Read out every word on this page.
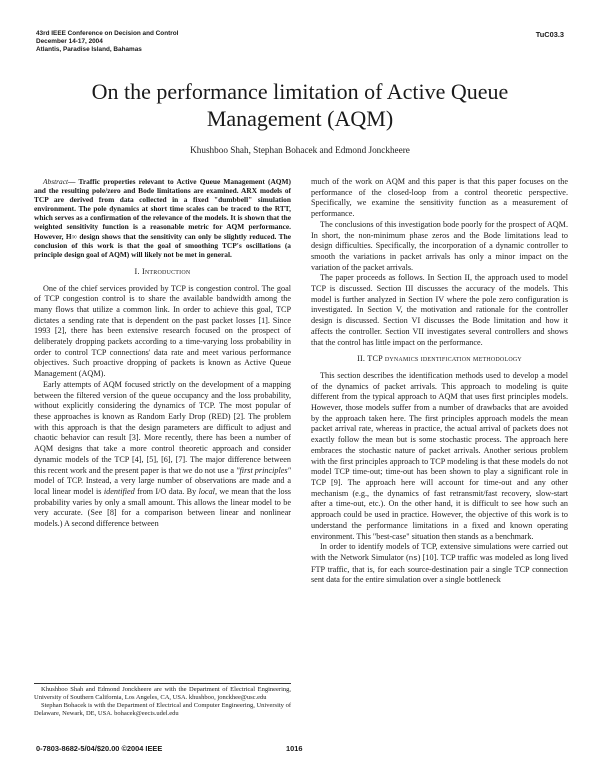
43rd IEEE Conference on Decision and Control
December 14-17, 2004
Atlantis, Paradise Island, Bahamas
TuC03.3
On the performance limitation of Active Queue
Management (AQM)
Khushboo Shah, Stephan Bohacek and Edmond Jonckheere

Abstract— Traffic properties relevant to Active Queue Management (AQM) and the resulting pole/zero and Bode limitations are examined. ARX models of TCP are derived from data collected in a fixed "dumbbell" simulation environment. The pole dynamics at short time scales can be traced to the RTT, which serves as a confirmation of the relevance of the models. It is shown that the weighted sensitivity function is a reasonable metric for AQM performance. However, H∞ design shows that the sensitivity can only be slightly reduced. The conclusion of this work is that the goal of smoothing TCP's oscillations (a principle design goal of AQM) will likely not be met in general.

I. Introduction

One of the chief services provided by TCP is congestion control. The goal of TCP congestion control is to share the available bandwidth among the many flows that utilize a common link. In order to achieve this goal, TCP dictates a sending rate that is dependent on the past packet losses [1]. Since 1993 [2], there has been extensive research focused on the prospect of deliberately dropping packets according to a time-varying loss probability in order to control TCP connections' data rate and meet various performance objectives. Such proactive dropping of packets is known as Active Queue Management (AQM).

Early attempts of AQM focused strictly on the development of a mapping between the filtered version of the queue occupancy and the loss probability, without explicitly considering the dynamics of TCP. The most popular of these approaches is known as Random Early Drop (RED) [2]. The problem with this approach is that the design parameters are difficult to adjust and chaotic behavior can result [3]. More recently, there has been a number of AQM designs that take a more control theoretic approach and consider dynamic models of the TCP [4], [5], [6], [7]. The major difference between this recent work and the present paper is that we do not use a "first principles" model of TCP. Instead, a very large number of observations are made and a local linear model is identified from I/O data. By local, we mean that the loss probability varies by only a small amount. This allows the linear model to be very accurate. (See [8] for a comparison between linear and nonlinear models.) A second difference between

Khushboo Shah and Edmond Jonckheere are with the Department of Electrical Engineering, University of Southern California, Los Angeles, CA, USA. khushboo, jonckhee@usc.edu

Stephan Bohacek is with the Department of Electrical and Computer Engineering, University of Delaware, Newark, DE, USA. bohacek@eecis.udel.edu

much of the work on AQM and this paper is that this paper focuses on the performance of the closed-loop from a control theoretic perspective. Specifically, we examine the sensitivity function as a measurement of performance.

The conclusions of this investigation bode poorly for the prospect of AQM. In short, the non-minimum phase zeros and the Bode limitations lead to design difficulties. Specifically, the incorporation of a dynamic controller to smooth the variations in packet arrivals has only a minor impact on the variation of the packet arrivals.

The paper proceeds as follows. In Section II, the approach used to model TCP is discussed. Section III discusses the accuracy of the models. This model is further analyzed in Section IV where the pole zero configuration is investigated. In Section V, the motivation and rationale for the controller design is discussed. Section VI discusses the Bode limitation and how it affects the controller. Section VII investigates several controllers and shows that the control has little impact on the performance.

II. TCP dynamics identification methodology

This section describes the identification methods used to develop a model of the dynamics of packet arrivals. This approach to modeling is quite different from the typical approach to AQM that uses first principles models. However, those models suffer from a number of drawbacks that are avoided by the approach taken here. The first principles approach models the mean packet arrival rate, whereas in practice, the actual arrival of packets does not exactly follow the mean but is some stochastic process. The approach here embraces the stochastic nature of packet arrivals. Another serious problem with the first principles approach to TCP modeling is that these models do not model TCP time-out; time-out has been shown to play a significant role in TCP [9]. The approach here will account for time-out and any other mechanism (e.g., the dynamics of fast retransmit/fast recovery, slow-start after a time-out, etc.). On the other hand, it is difficult to see how such an approach could be used in practice. However, the objective of this work is to understand the performance limitations in a fixed and known operating environment. This "best-case" situation then stands as a benchmark.

In order to identify models of TCP, extensive simulations were carried out with the Network Simulator (ns) [10]. TCP traffic was modeled as long lived FTP traffic, that is, for each source-destination pair a single TCP connection sent data for the entire simulation over a single bottleneck

0-7803-8682-5/04/$20.00 ©2004 IEEE	1016
